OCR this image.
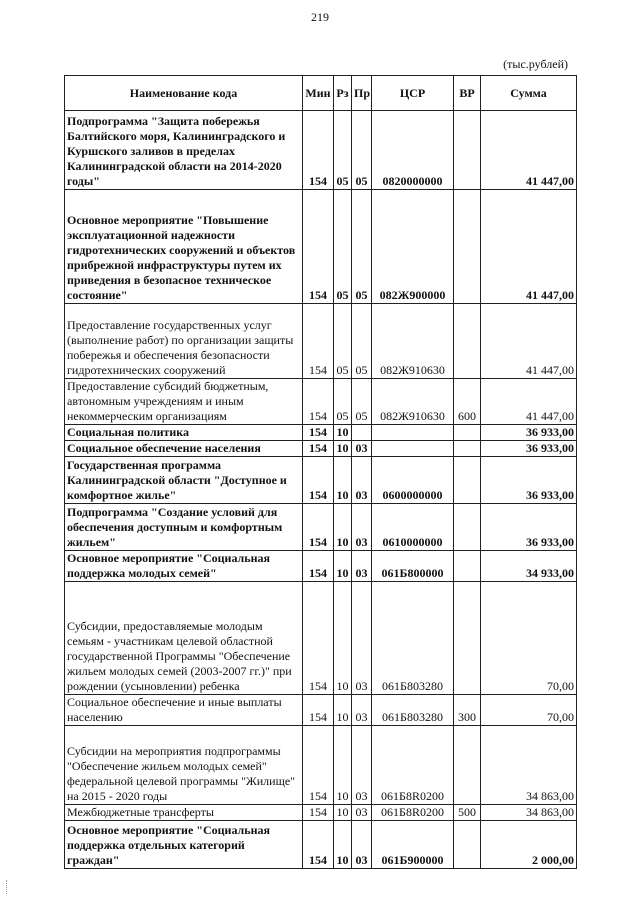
219
(тыс.рублей)
Наименование кода	Мин	Рз	Пр	ЦСР	ВР	Сумма
Подпрограмма "Защита побережья Балтийского моря, Калининградского и Куршского заливов в пределах Калининградской области на 2014-2020 годы"	154	05	05	0820000000		41 447,00
Основное мероприятие "Повышение эксплуатационной надежности гидротехнических сооружений и объектов прибрежной инфраструктуры путем их приведения в безопасное техническое состояние"	154	05	05	082Ж900000		41 447,00
Предоставление государственных услуг (выполнение работ) по организации защиты побережья и обеспечения безопасности гидротехнических сооружений	154	05	05	082Ж910630		41 447,00
Предоставление субсидий бюджетным, автономным учреждениям и иным некоммерческим организациям	154	05	05	082Ж910630	600	41 447,00
Социальная политика	154	10				36 933,00
Социальное обеспечение населения	154	10	03			36 933,00
Государственная программа Калининградской области "Доступное и комфортное жилье"	154	10	03	0600000000		36 933,00
Подпрограмма "Создание условий для обеспечения доступным и комфортным жильем"	154	10	03	0610000000		36 933,00
Основное мероприятие "Социальная поддержка молодых семей"	154	10	03	061Б800000		34 933,00
Субсидии, предоставляемые молодым семьям - участникам целевой областной государственной Программы "Обеспечение жильем молодых семей (2003-2007 гг.)" при рождении (усыновлении) ребенка	154	10	03	061Б803280		70,00
Социальное обеспечение и иные выплаты населению	154	10	03	061Б803280	300	70,00
Субсидии на мероприятия подпрограммы "Обеспечение жильем молодых семей" федеральной целевой программы "Жилище" на 2015 - 2020 годы	154	10	03	061Б8R0200		34 863,00
Межбюджетные трансферты	154	10	03	061Б8R0200	500	34 863,00
Основное мероприятие "Социальная поддержка отдельных категорий граждан"	154	10	03	061Б900000		2 000,00
